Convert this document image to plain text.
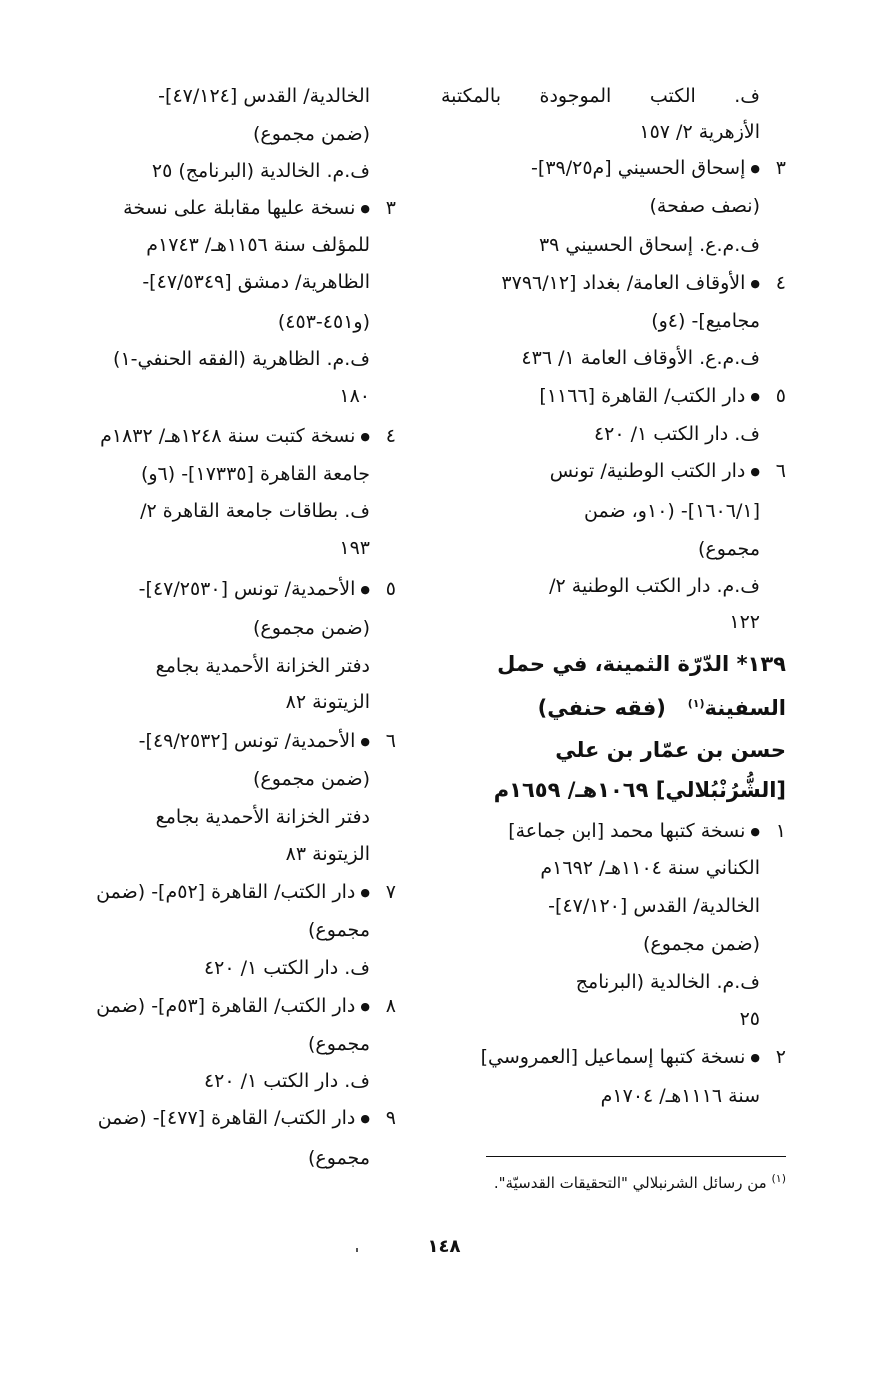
ف. الكتب الموجودة بالمكتبة
الأزهرية ٢/ ١٥٧
٣●إسحاق الحسيني [م٣٩/٢٥]-
(نصف صفحة)
ف.م.ع. إسحاق الحسيني ٣٩
٤●الأوقاف العامة/ بغداد [٣٧٩٦/١٢
مجاميع]- (٤و)
ف.م.ع. الأوقاف العامة ١/ ٤٣٦
٥●دار الكتب/ القاهرة [١١٦٦]
ف. دار الكتب ١/ ٤٢٠
٦●دار الكتب الوطنية/ تونس
[١٦٠٦/١]- (١٠و، ضمن
مجموع)
ف.م. دار الكتب الوطنية ٢/
١٢٢
١٣٩* الدّرّة الثمينة، في حمل
السفينة$^{(١)}$   (فقه حنفي)
حسن بن عمّار بن علي
[الشُّرُنْبُلالي] ١٠٦٩هـ/ ١٦٥٩م
١●نسخة كتبها محمد [ابن جماعة]
الكناني سنة ١١٠٤هـ/ ١٦٩٢م
الخالدية/ القدس [٤٧/١٢٠]-
(ضمن مجموع)
ف.م. الخالدية (البرنامج
٢٥
٢●نسخة كتبها إسماعيل [العمروسي]
سنة ١١١٦هـ/ ١٧٠٤م
الخالدية/ القدس [٤٧/١٢٤]-
(ضمن مجموع)
ف.م. الخالدية (البرنامج) ٢٥
٣●نسخة عليها مقابلة على نسخة
للمؤلف سنة ١١٥٦هـ/ ١٧٤٣م
الظاهرية/ دمشق [٤٧/٥٣٤٩]-
(و٤٥١-٤٥٣)
ف.م. الظاهرية (الفقه الحنفي-١)
١٨٠
٤●نسخة كتبت سنة ١٢٤٨هـ/ ١٨٣٢م
جامعة القاهرة [١٧٣٣٥]- (٦و)
ف. بطاقات جامعة القاهرة ٢/
١٩٣
٥●الأحمدية/ تونس [٤٧/٢٥٣٠]-
(ضمن مجموع)
دفتر الخزانة الأحمدية بجامع
الزيتونة ٨٢
٦●الأحمدية/ تونس [٤٩/٢٥٣٢]-
(ضمن مجموع)
دفتر الخزانة الأحمدية بجامع
الزيتونة ٨٣
٧●دار الكتب/ القاهرة [٥٢م]- (ضمن
مجموع)
ف. دار الكتب ١/ ٤٢٠
٨●دار الكتب/ القاهرة [٥٣م]- (ضمن
مجموع)
ف. دار الكتب ١/ ٤٢٠
٩●دار الكتب/ القاهرة [٤٧٧]- (ضمن
مجموع)
$^{(١)}$ من رسائل الشرنبلالي "التحقيقات القدسيّة".
١٤٨
